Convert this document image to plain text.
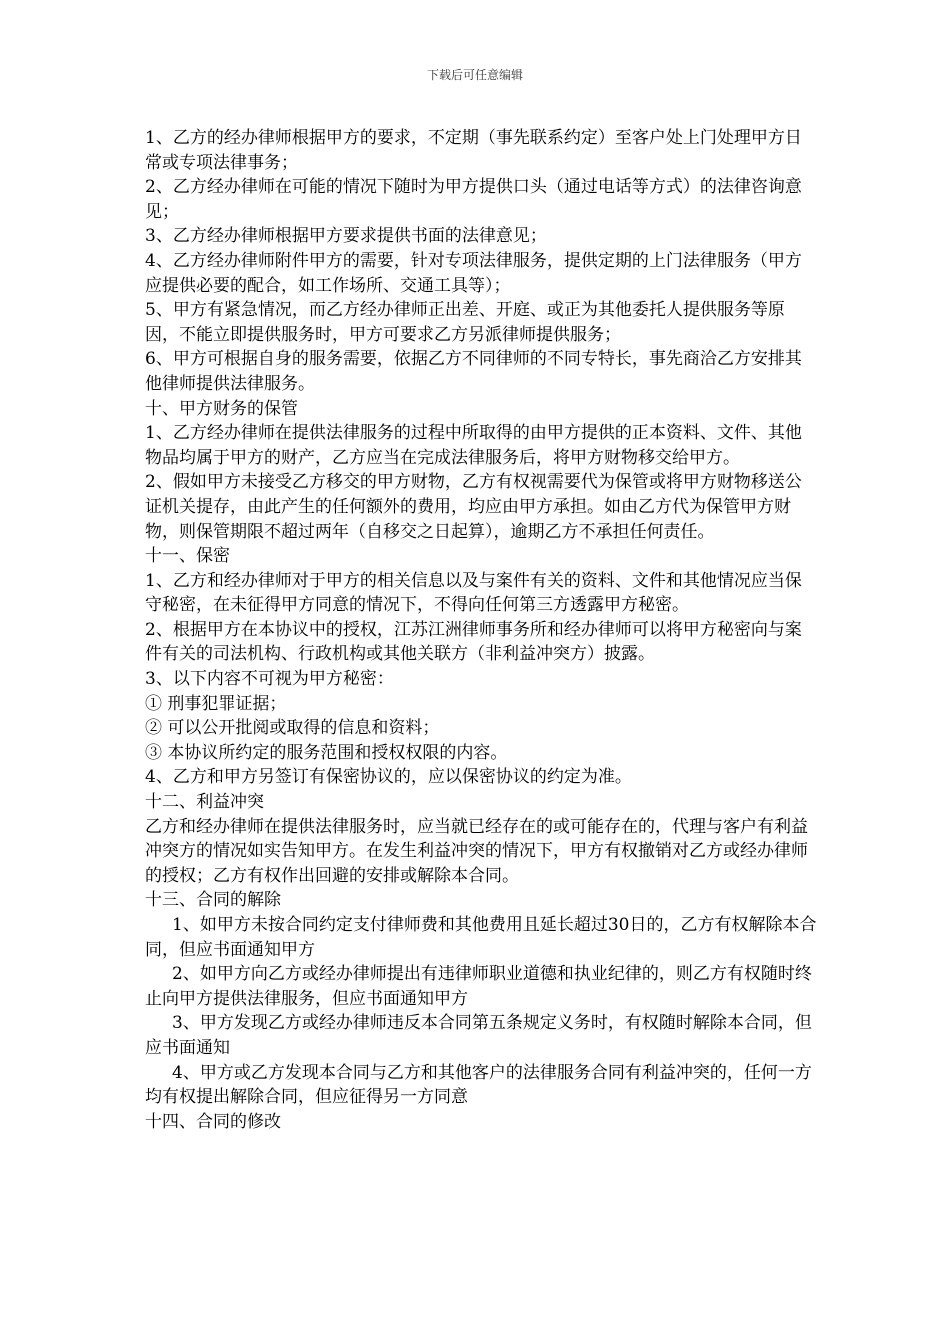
下载后可任意编辑

1、乙方的经办律师根据甲方的要求，不定期（事先联系约定）至客户处上门处理甲方日常或专项法律事务；

2、乙方经办律师在可能的情况下随时为甲方提供口头（通过电话等方式）的法律咨询意见；

3、乙方经办律师根据甲方要求提供书面的法律意见；

4、乙方经办律师附件甲方的需要，针对专项法律服务，提供定期的上门法律服务（甲方应提供必要的配合，如工作场所、交通工具等）；

5、甲方有紧急情况，而乙方经办律师正出差、开庭、或正为其他委托人提供服务等原因，不能立即提供服务时，甲方可要求乙方另派律师提供服务；

6、甲方可根据自身的服务需要，依据乙方不同律师的不同专特长，事先商洽乙方安排其他律师提供法律服务。

十、甲方财务的保管

1、乙方经办律师在提供法律服务的过程中所取得的由甲方提供的正本资料、文件、其他物品均属于甲方的财产，乙方应当在完成法律服务后，将甲方财物移交给甲方。

2、假如甲方未接受乙方移交的甲方财物，乙方有权视需要代为保管或将甲方财物移送公证机关提存，由此产生的任何额外的费用，均应由甲方承担。如由乙方代为保管甲方财物，则保管期限不超过两年（自移交之日起算），逾期乙方不承担任何责任。

十一、保密

1、乙方和经办律师对于甲方的相关信息以及与案件有关的资料、文件和其他情况应当保守秘密，在未征得甲方同意的情况下，不得向任何第三方透露甲方秘密。

2、根据甲方在本协议中的授权，江苏江洲律师事务所和经办律师可以将甲方秘密向与案件有关的司法机构、行政机构或其他关联方（非利益冲突方）披露。

3、以下内容不可视为甲方秘密：

① 刑事犯罪证据；

② 可以公开批阅或取得的信息和资料；

③ 本协议所约定的服务范围和授权权限的内容。

4、乙方和甲方另签订有保密协议的，应以保密协议的约定为准。

十二、利益冲突

乙方和经办律师在提供法律服务时，应当就已经存在的或可能存在的，代理与客户有利益冲突方的情况如实告知甲方。在发生利益冲突的情况下，甲方有权撤销对乙方或经办律师的授权；乙方有权作出回避的安排或解除本合同。

十三、合同的解除

1、如甲方未按合同约定支付律师费和其他费用且延长超过30日的，乙方有权解除本合同，但应书面通知甲方

2、如甲方向乙方或经办律师提出有违律师职业道德和执业纪律的，则乙方有权随时终止向甲方提供法律服务，但应书面通知甲方

3、甲方发现乙方或经办律师违反本合同第五条规定义务时，有权随时解除本合同，但应书面通知

4、甲方或乙方发现本合同与乙方和其他客户的法律服务合同有利益冲突的，任何一方均有权提出解除合同，但应征得另一方同意

十四、合同的修改
